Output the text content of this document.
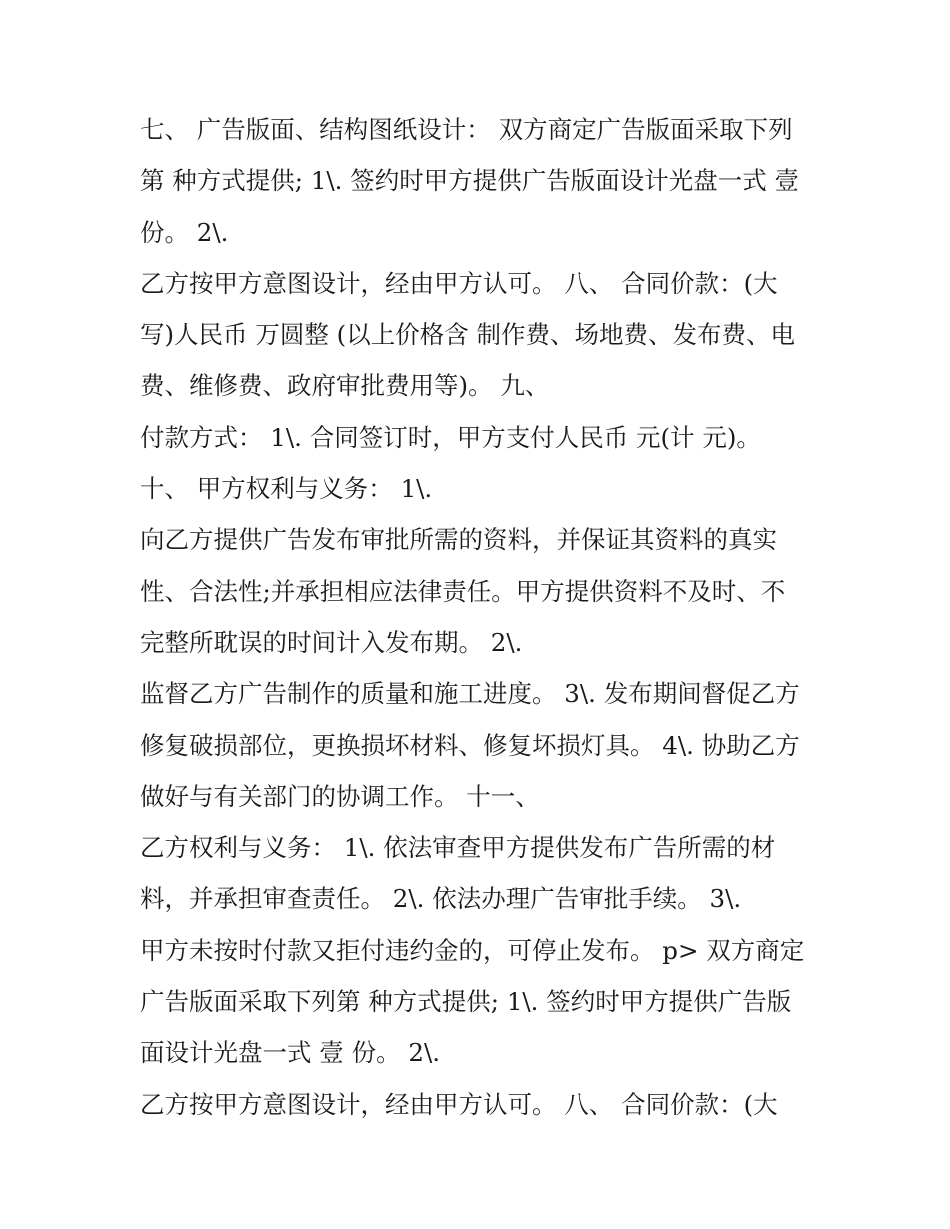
七、 广告版面、结构图纸设计： 双方商定广告版面采取下列
第 种方式提供; 1\. 签约时甲方提供广告版面设计光盘一式 壹
份。 2\.
乙方按甲方意图设计，经由甲方认可。 八、 合同价款：(大
写)人民币 万圆整 (以上价格含 制作费、场地费、发布费、电
费、维修费、政府审批费用等)。 九、
付款方式： 1\. 合同签订时，甲方支付人民币 元(计 元)。
十、 甲方权利与义务： 1\.
向乙方提供广告发布审批所需的资料，并保证其资料的真实
性、合法性;并承担相应法律责任。甲方提供资料不及时、不
完整所耽误的时间计入发布期。 2\.
监督乙方广告制作的质量和施工进度。 3\. 发布期间督促乙方
修复破损部位，更换损坏材料、修复坏损灯具。 4\. 协助乙方
做好与有关部门的协调工作。 十一、
乙方权利与义务： 1\. 依法审查甲方提供发布广告所需的材
料，并承担审查责任。 2\. 依法办理广告审批手续。 3\.
甲方未按时付款又拒付违约金的，可停止发布。 p> 双方商定
广告版面采取下列第 种方式提供; 1\. 签约时甲方提供广告版
面设计光盘一式 壹 份。 2\.
乙方按甲方意图设计，经由甲方认可。 八、 合同价款：(大
